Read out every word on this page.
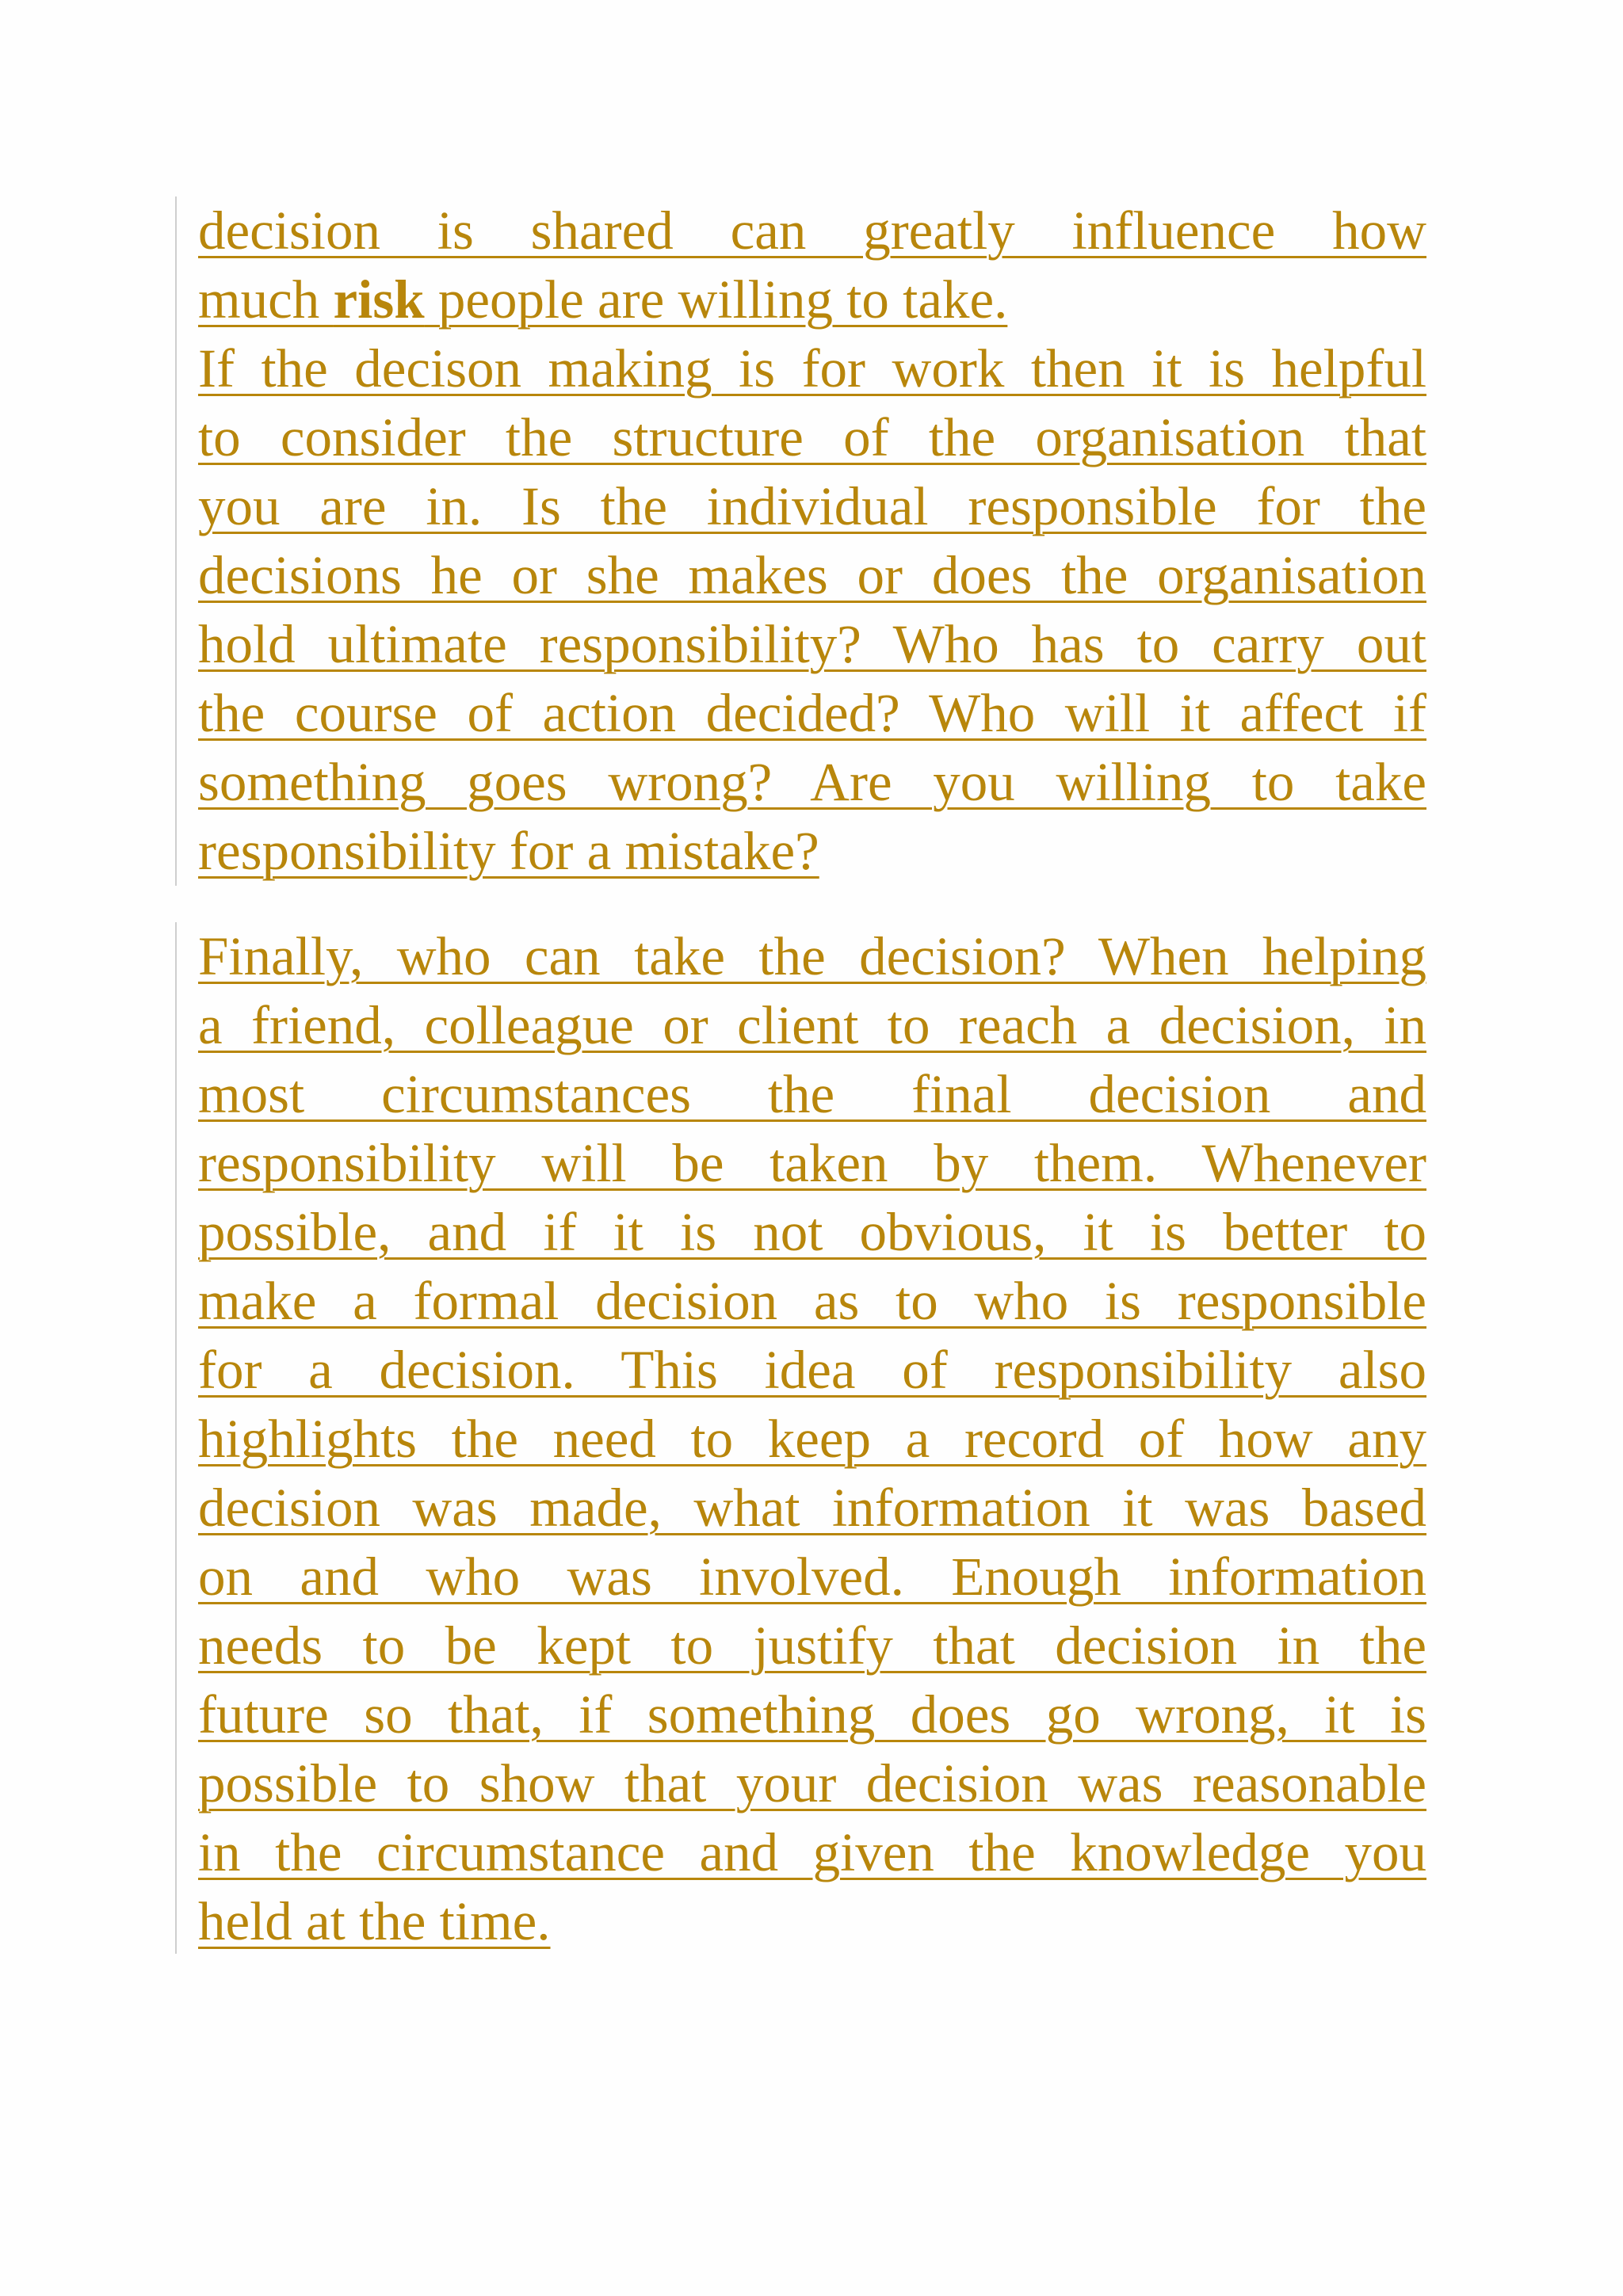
decision is shared can greatly influence how
much risk people are willing to take.
If the decison making is for work then it is helpful
to consider the structure of the organisation that
you are in. Is the individual responsible for the
decisions he or she makes or does the organisation
hold ultimate responsibility? Who has to carry out
the course of action decided? Who will it affect if
something goes wrong? Are you willing to take
responsibility for a mistake?
Finally, who can take the decision? When helping
a friend, colleague or client to reach a decision, in
most circumstances the final decision and
responsibility will be taken by them. Whenever
possible, and if it is not obvious, it is better to
make a formal decision as to who is responsible
for a decision. This idea of responsibility also
highlights the need to keep a record of how any
decision was made, what information it was based
on and who was involved. Enough information
needs to be kept to justify that decision in the
future so that, if something does go wrong, it is
possible to show that your decision was reasonable
in the circumstance and given the knowledge you
held at the time.
